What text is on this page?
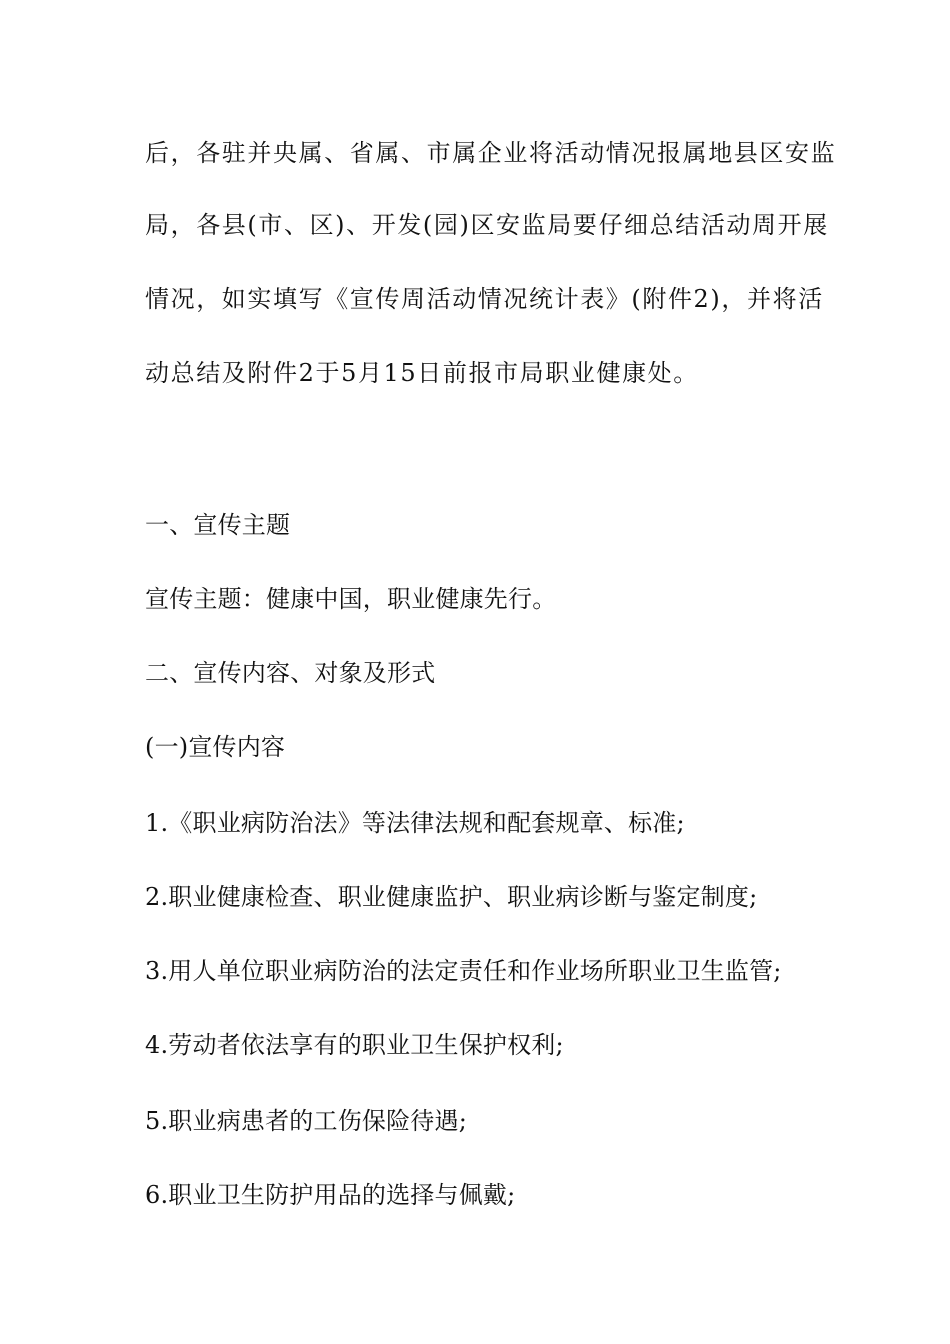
后，各驻并央属、省属、市属企业将活动情况报属地县区安监
局，各县(市、区)、开发(园)区安监局要仔细总结活动周开展
情况，如实填写《宣传周活动情况统计表》(附件2)，并将活
动总结及附件2于5月15日前报市局职业健康处。
一、宣传主题
宣传主题：健康中国，职业健康先行。
二、宣传内容、对象及形式
(一)宣传内容
1.《职业病防治法》等法律法规和配套规章、标准;
2.职业健康检查、职业健康监护、职业病诊断与鉴定制度;
3.用人单位职业病防治的法定责任和作业场所职业卫生监管;
4.劳动者依法享有的职业卫生保护权利;
5.职业病患者的工伤保险待遇;
6.职业卫生防护用品的选择与佩戴;
